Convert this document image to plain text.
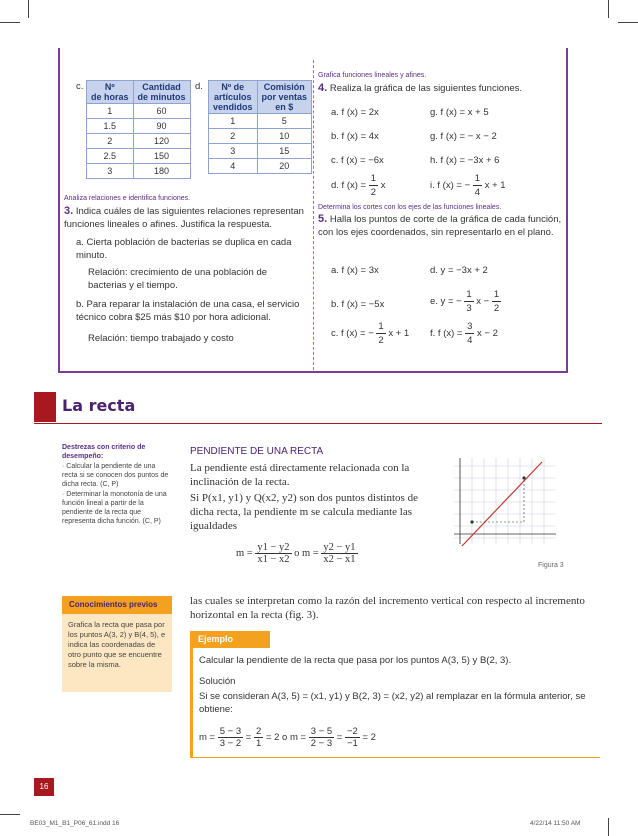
c. Nº
de horas	Cantidad
de minutos
1	60
1.5	90
2	120
2.5	150
3	180
d. Nº de
artículos
vendidos	Comisión
por ventas
en $
1	5
2	10
3	15
4	20
Analiza relaciones e identifica funciones.
3. Indica cuáles de las siguientes relaciones representan funciones lineales o afines. Justifica la respuesta.
a. Cierta población de bacterias se duplica en cada minuto.
Relación: crecimiento de una población de bacterias y el tiempo.
b. Para reparar la instalación de una casa, el servicio técnico cobra $25 más $10 por hora adicional.
Relación: tiempo trabajado y costo
Grafica funciones lineales y afines.
4. Realiza la gráfica de las siguientes funciones.
a. f (x) = 2x	g. f (x) = x + 5
b. f (x) = 4x	g. f (x) = − x − 2
c. f (x) = −6x	h. f (x) = −3x + 6
d. f $(x) = \frac{1}{2}$ x	i. f (x) = − $\frac{1}{4}$ x + 1
Determina los cortes con los ejes de las funciones lineales.
5. Halla los puntos de corte de la gráfica de cada función, con los ejes coordenados, sin representarlo en el plano.
a. f (x) = 3x	d. y = −3x + 2
b. f (x) = −5x	e. y = − $\frac{1}{3}$ $x - \frac{1}{2}$
c. f (x) = − $\frac{1}{2}$ x + 1 f. f $(x) = \frac{3}{4}$ x − 2
La recta
Destrezas con criterio de desempeño:
· Calcular la pendiente de una recta si se conocen dos puntos de dicha recta. (C, P)
· Determinar la monotonía de una función lineal a partir de la pendiente de la recta que representa dicha función. (C, P)
PENDIENTE DE UNA RECTA
La pendiente está directamente relacionada con la inclinación de la recta.
Si P(x1, y1) y Q(x2, y2) son dos puntos distintos de dicha recta, la pendiente m se calcula mediante las igualdades
$m = \frac{y1 - y2}{x1 - x2}$ o $m = \frac{y2 - y1}{x2 - x1}$
Figura 3
las cuales se interpretan como la razón del incremento vertical con respecto al incremento horizontal en la recta (fig. 3).
Conocimientos previos
Grafica la recta que pasa por los puntos A(3, 2) y B(4, 5), e indica las coordenadas de otro punto que se encuentre sobre la misma.
Ejemplo
Calcular la pendiente de la recta que pasa por los puntos A(3, 5) y B(2, 3).
Solución
Si se consideran A(3, 5) = (x1, y1) y B(2, 3) = (x2, y2) al remplazar en la fórmula anterior, se obtiene:
$m = \frac{5 - 3}{3 - 2} = \frac{2}{1} = 2$ o $m = \frac{3 - 5}{2 - 3} = \frac{-2}{-1} = 2$
16
BE03_M1_B1_P06_61.indd 16	4/22/14 11:50 AM
